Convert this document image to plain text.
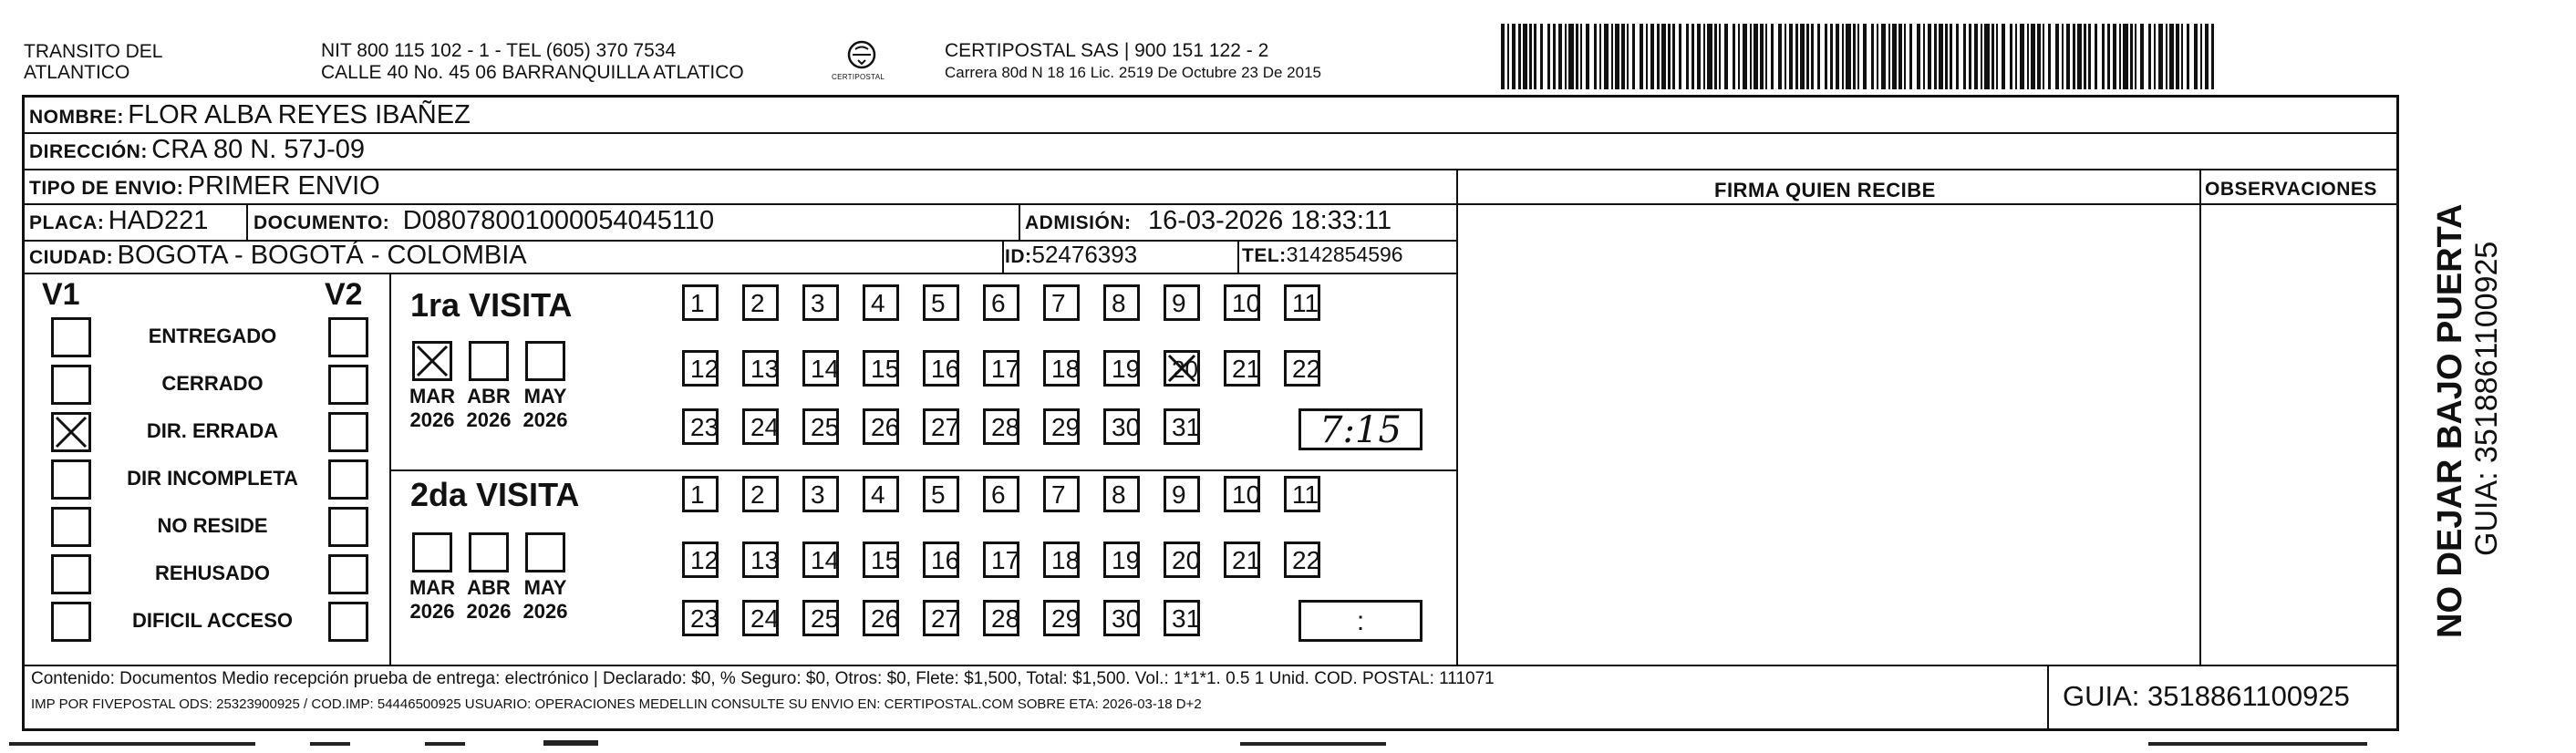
TRANSITO DEL
ATLANTICO
NIT 800 115 102 - 1 - TEL (605) 370 7534
CALLE 40 No. 45 06 BARRANQUILLA ATLATICO	CERTIPOSTAL
CERTIPOSTAL SAS | 900 151 122 - 2
Carrera 80d N 18 16 Lic. 2519 De Octubre 23 De 2015
NOMBRE: FLOR ALBA REYES IBAÑEZ
DIRECCIÓN: CRA 80 N. 57J-09
TIPO DE ENVIO: PRIMER ENVIO
PLACA: HAD221 DOCUMENTO: D08078001000054045110	ADMISIÓN: 16-03-2026 18:33:11
CIUDAD: BOGOTA - BOGOTÁ - COLOMBIA	ID:52476393	TEL:3142854596
FIRMA QUIEN RECIBE	OBSERVACIONES
V1	V2
ENTREGADO
CERRADO
DIR. ERRADA
DIR INCOMPLETA
NO RESIDE
REHUSADO
DIFICIL ACCESO
1ra VISITA
MAR
2026
ABR
2026
MAY
2026
1	2	3	4	5	6	7	8	9	10	11
12	13	14	15	16	17	18	19	20	21	22
23	24	25	26	27	28	29	30	31	7:15
2da VISITA
MAR
2026
ABR
2026
MAY
2026
1	2	3	4	5	6	7	8	9	10	11
12	13	14	15	16	17	18	19	20	21	22
23	24	25	26	27	28	29	30	31	:
Contenido: Documentos Medio recepción prueba de entrega: electrónico | Declarado: $0, % Seguro: $0, Otros: $0, Flete: $1,500, Total: $1,500. Vol.: 1*1*1. 0.5 1 Unid. COD. POSTAL: 111071
IMP POR FIVEPOSTAL ODS: 25323900925 / COD.IMP: 54446500925 USUARIO: OPERACIONES MEDELLIN CONSULTE SU ENVIO EN: CERTIPOSTAL.COM SOBRE ETA: 2026-03-18 D+2	GUIA: 3518861100925
NO DEJAR BAJO PUERTA GUIA: 3518861100925
